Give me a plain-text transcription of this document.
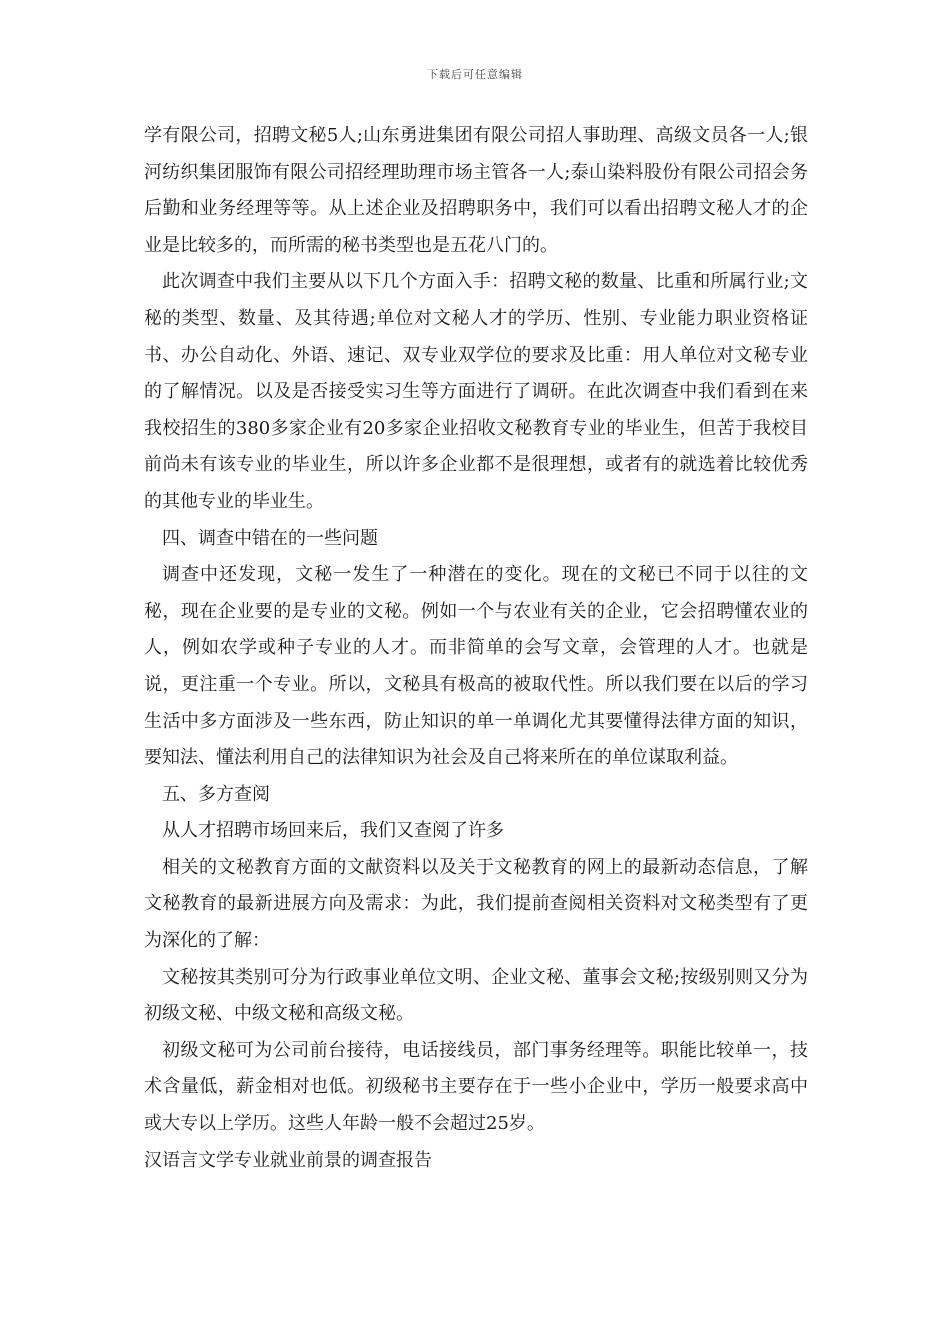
下载后可任意编辑

学有限公司，招聘文秘5人;山东勇进集团有限公司招人事助理、高级文员各一人;银河纺织集团服饰有限公司招经理助理市场主管各一人;泰山染料股份有限公司招会务后勤和业务经理等等。从上述企业及招聘职务中，我们可以看出招聘文秘人才的企业是比较多的，而所需的秘书类型也是五花八门的。

此次调查中我们主要从以下几个方面入手：招聘文秘的数量、比重和所属行业;文秘的类型、数量、及其待遇;单位对文秘人才的学历、性别、专业能力职业资格证书、办公自动化、外语、速记、双专业双学位的要求及比重：用人单位对文秘专业的了解情况。以及是否接受实习生等方面进行了调研。在此次调查中我们看到在来我校招生的380多家企业有20多家企业招收文秘教育专业的毕业生，但苦于我校目前尚未有该专业的毕业生，所以许多企业都不是很理想，或者有的就选着比较优秀的其他专业的毕业生。

四、调查中错在的一些问题

调查中还发现，文秘一发生了一种潜在的变化。现在的文秘已不同于以往的文秘，现在企业要的是专业的文秘。例如一个与农业有关的企业，它会招聘懂农业的人，例如农学或种子专业的人才。而非简单的会写文章，会管理的人才。也就是说，更注重一个专业。所以，文秘具有极高的被取代性。所以我们要在以后的学习生活中多方面涉及一些东西，防止知识的单一单调化尤其要懂得法律方面的知识，要知法、懂法利用自己的法律知识为社会及自己将来所在的单位谋取利益。

五、多方查阅

从人才招聘市场回来后，我们又查阅了许多

相关的文秘教育方面的文献资料以及关于文秘教育的网上的最新动态信息，了解文秘教育的最新进展方向及需求：为此，我们提前查阅相关资料对文秘类型有了更为深化的了解：

文秘按其类别可分为行政事业单位文明、企业文秘、董事会文秘;按级别则又分为初级文秘、中级文秘和高级文秘。

初级文秘可为公司前台接待，电话接线员，部门事务经理等。职能比较单一，技术含量低，薪金相对也低。初级秘书主要存在于一些小企业中，学历一般要求高中或大专以上学历。这些人年龄一般不会超过25岁。

汉语言文学专业就业前景的调查报告
